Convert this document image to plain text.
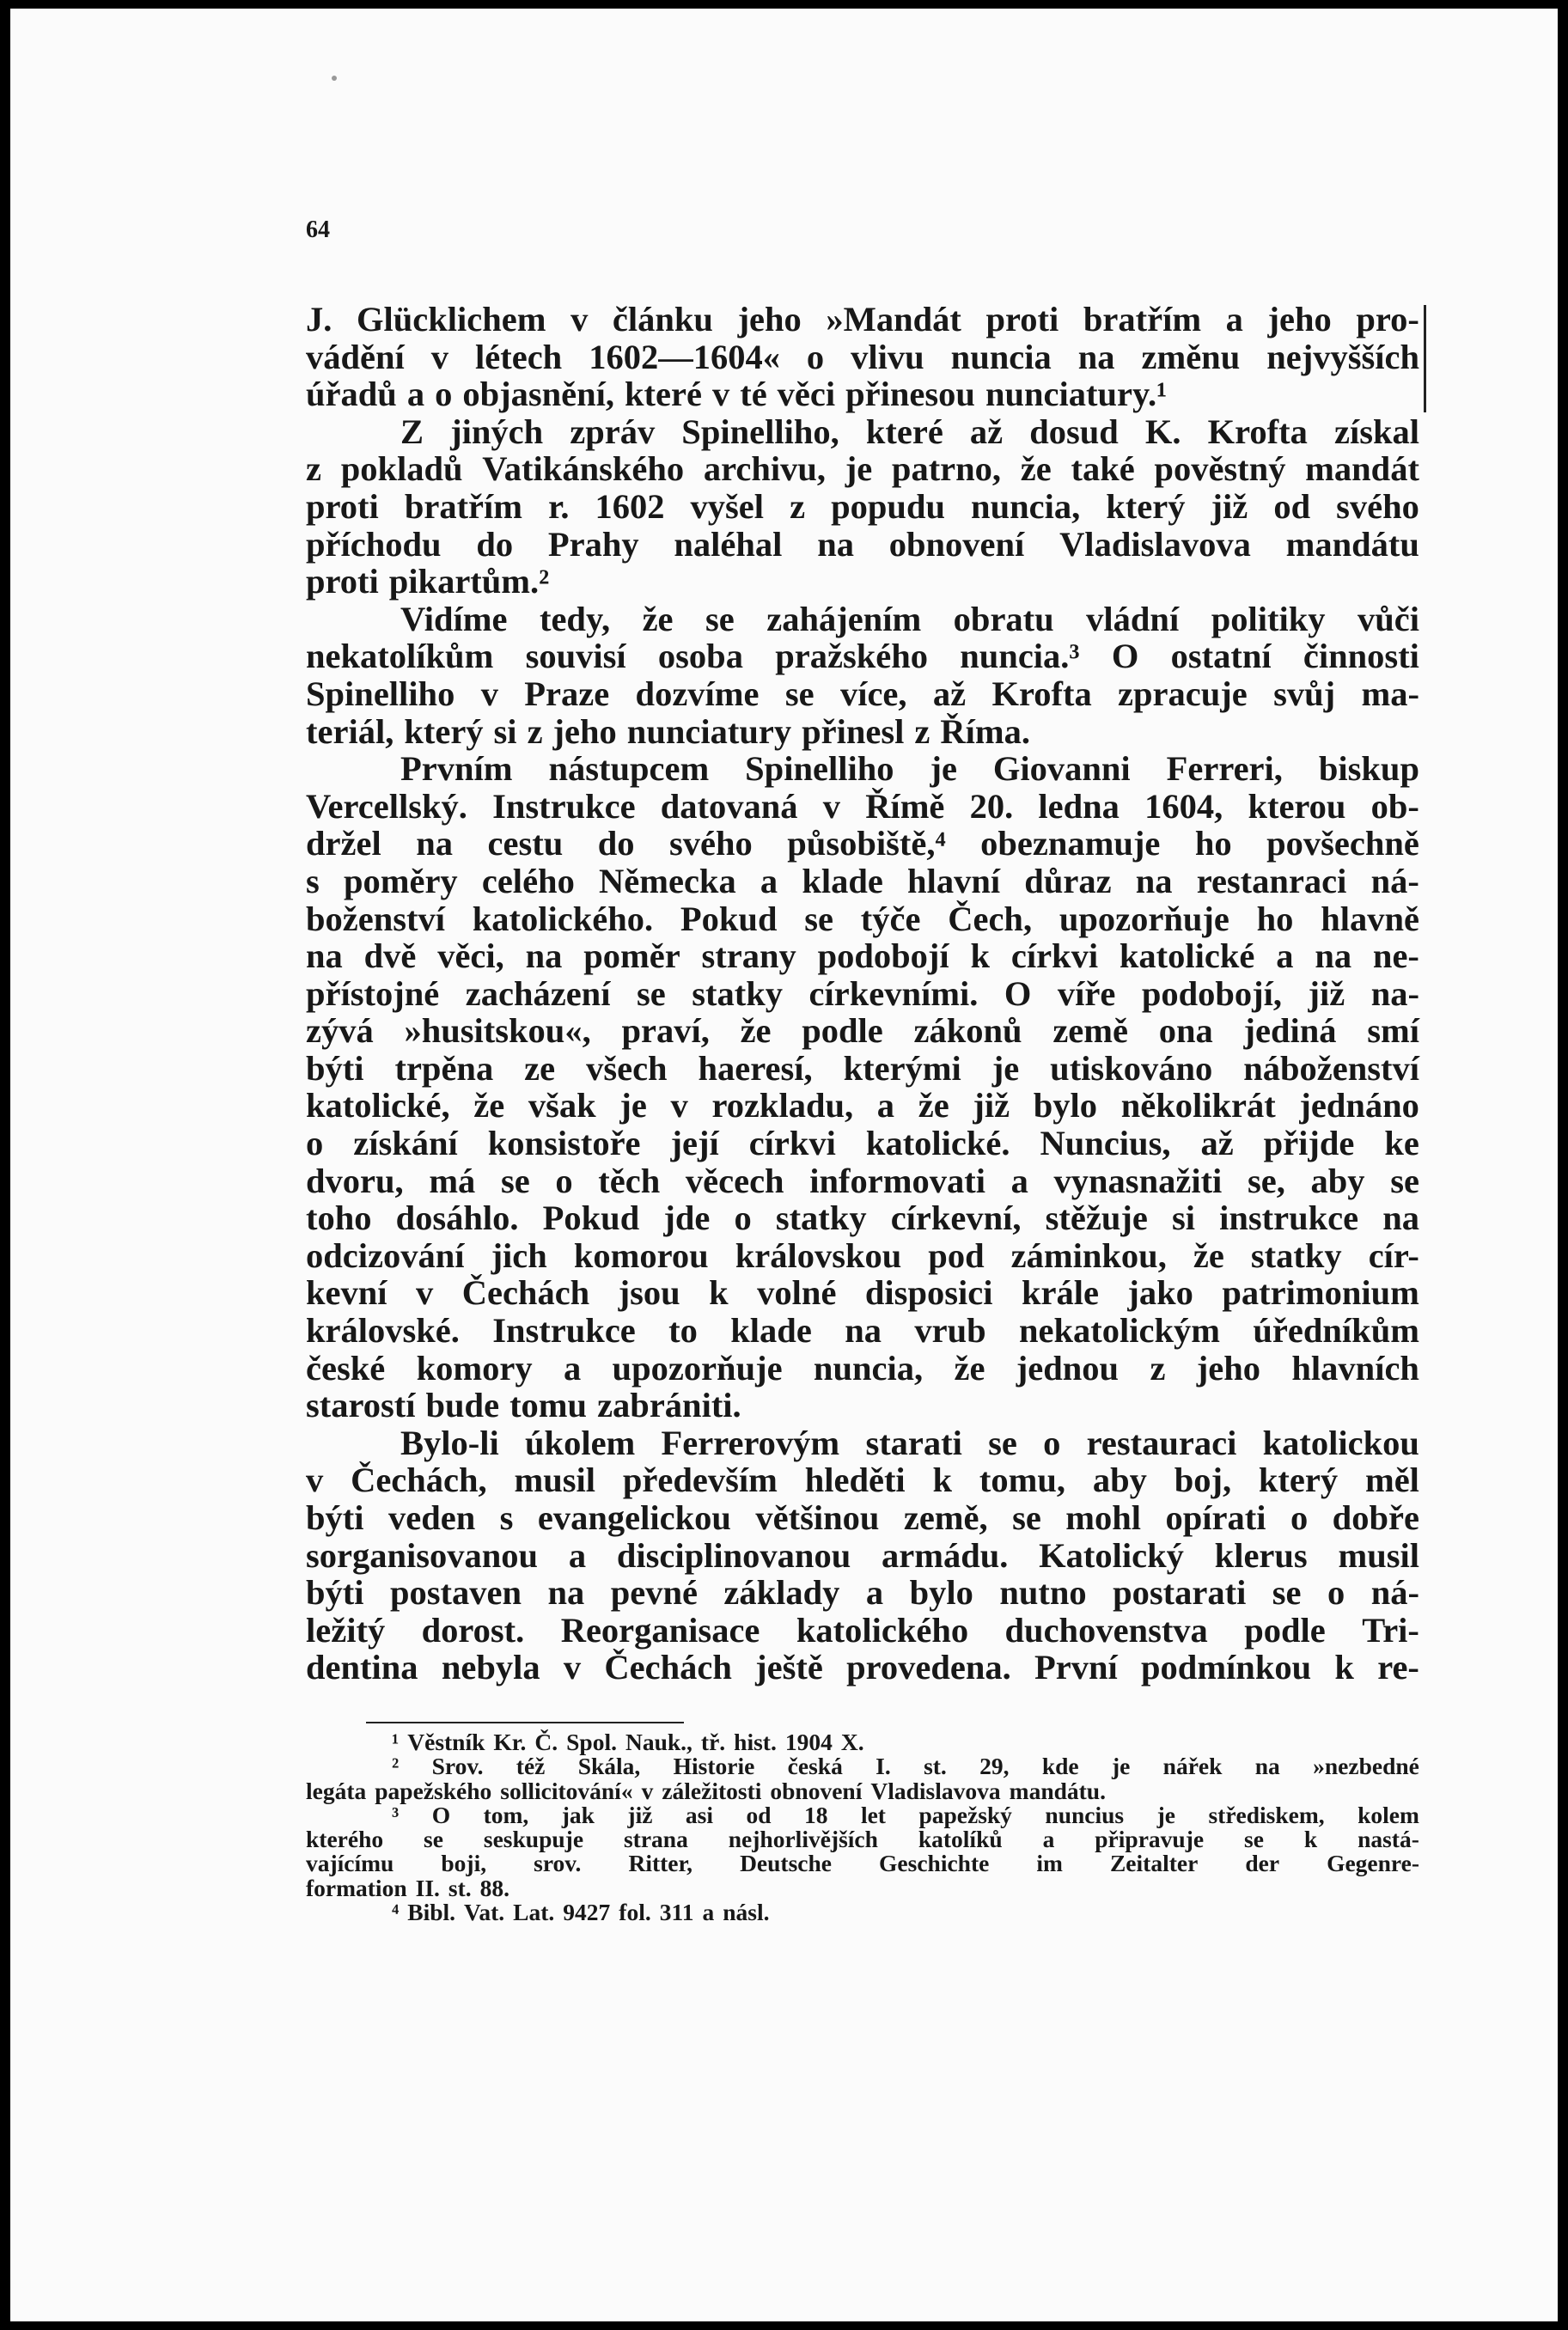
64
J. Glücklichem v článku jeho »Mandát proti bratřím a jeho pro-
vádění v létech 1602—1604« o vlivu nuncia na změnu nejvyšších
úřadů a o objasnění, které v té věci přinesou nunciatury.¹
Z jiných zpráv Spinelliho, které až dosud K. Krofta získal
z pokladů Vatikánského archivu, je patrno, že také pověstný mandát
proti bratřím r. 1602 vyšel z popudu nuncia, který již od svého
příchodu do Prahy naléhal na obnovení Vladislavova mandátu
proti pikartům.²
Vidíme tedy, že se zahájením obratu vládní politiky vůči
nekatolíkům souvisí osoba pražského nuncia.³ O ostatní činnosti
Spinelliho v Praze dozvíme se více, až Krofta zpracuje svůj ma-
teriál, který si z jeho nunciatury přinesl z Říma.
Prvním nástupcem Spinelliho je Giovanni Ferreri, biskup
Vercellský. Instrukce datovaná v Římě 20. ledna 1604, kterou ob-
držel na cestu do svého působiště,⁴ obeznamuje ho povšechně
s poměry celého Německa a klade hlavní důraz na restanraci ná-
boženství katolického. Pokud se týče Čech, upozorňuje ho hlavně
na dvě věci, na poměr strany podobojí k církvi katolické a na ne-
přístojné zacházení se statky církevními. O víře podobojí, již na-
zývá »husitskou«, praví, že podle zákonů země ona jediná smí
býti trpěna ze všech haeresí, kterými je utiskováno náboženství
katolické, že však je v rozkladu, a že již bylo několikrát jednáno
o získání konsistoře její církvi katolické. Nuncius, až přijde ke
dvoru, má se o těch věcech informovati a vynasnažiti se, aby se
toho dosáhlo. Pokud jde o statky církevní, stěžuje si instrukce na
odcizování jich komorou královskou pod záminkou, že statky cír-
kevní v Čechách jsou k volné disposici krále jako patrimonium
královské. Instrukce to klade na vrub nekatolickým úředníkům
české komory a upozorňuje nuncia, že jednou z jeho hlavních
starostí bude tomu zabrániti.
Bylo-li úkolem Ferrerovým starati se o restauraci katolickou
v Čechách, musil především hleděti k tomu, aby boj, který měl
býti veden s evangelickou většinou země, se mohl opírati o dobře
sorganisovanou a disciplinovanou armádu. Katolický klerus musil
býti postaven na pevné základy a bylo nutno postarati se o ná-
ležitý dorost. Reorganisace katolického duchovenstva podle Tri-
dentina nebyla v Čechách ještě provedena. První podmínkou k re-
¹ Věstník Kr. Č. Spol. Nauk., tř. hist. 1904 X.
² Srov. též Skála, Historie česká I. st. 29, kde je nářek na »nezbedné
legáta papežského sollicitování« v záležitosti obnovení Vladislavova mandátu.
³ O tom, jak již asi od 18 let papežský nuncius je střediskem, kolem
kterého se seskupuje strana nejhorlivějších katolíků a připravuje se k nastá-
vajícímu boji, srov. Ritter, Deutsche Geschichte im Zeitalter der Gegenre-
formation II. st. 88.
⁴ Bibl. Vat. Lat. 9427 fol. 311 a násl.
